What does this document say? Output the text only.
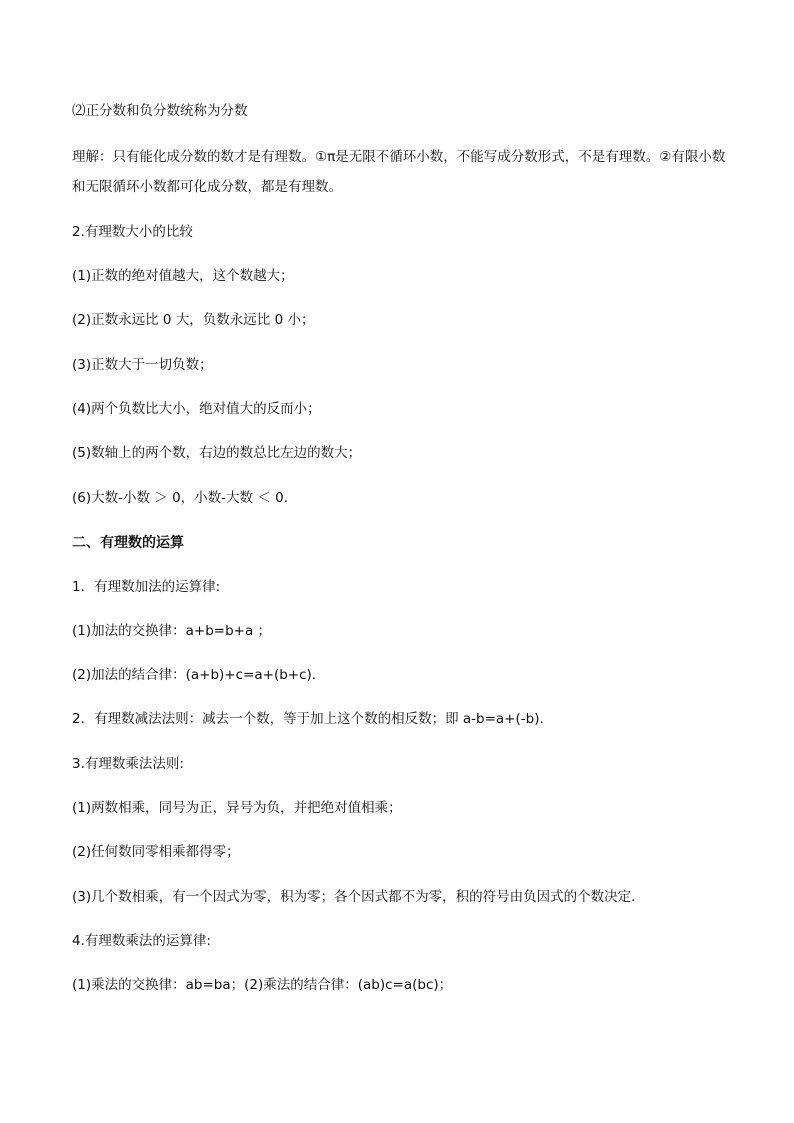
⑵正分数和负分数统称为分数
理解：只有能化成分数的数才是有理数。①π是无限不循环小数，不能写成分数形式，不是有理数。②有限小数和无限循环小数都可化成分数，都是有理数。
2.有理数大小的比较
(1)正数的绝对值越大，这个数越大；
(2)正数永远比 0 大，负数永远比 0 小；
(3)正数大于一切负数；
(4)两个负数比大小，绝对值大的反而小；
(5)数轴上的两个数，右边的数总比左边的数大；
(6)大数-小数 ＞ 0，小数-大数 ＜ 0.
二、有理数的运算
1．有理数加法的运算律:
(1)加法的交换律：a+b=b+a ；
(2)加法的结合律：(a+b)+c=a+(b+c).
2．有理数减法法则：减去一个数，等于加上这个数的相反数；即 a-b=a+(-b).
3.有理数乘法法则:
(1)两数相乘，同号为正，异号为负，并把绝对值相乘；
(2)任何数同零相乘都得零；
(3)几个数相乘，有一个因式为零，积为零；各个因式都不为零，积的符号由负因式的个数决定.
4.有理数乘法的运算律:
(1)乘法的交换律：ab=ba；(2)乘法的结合律：(ab)c=a(bc)；
